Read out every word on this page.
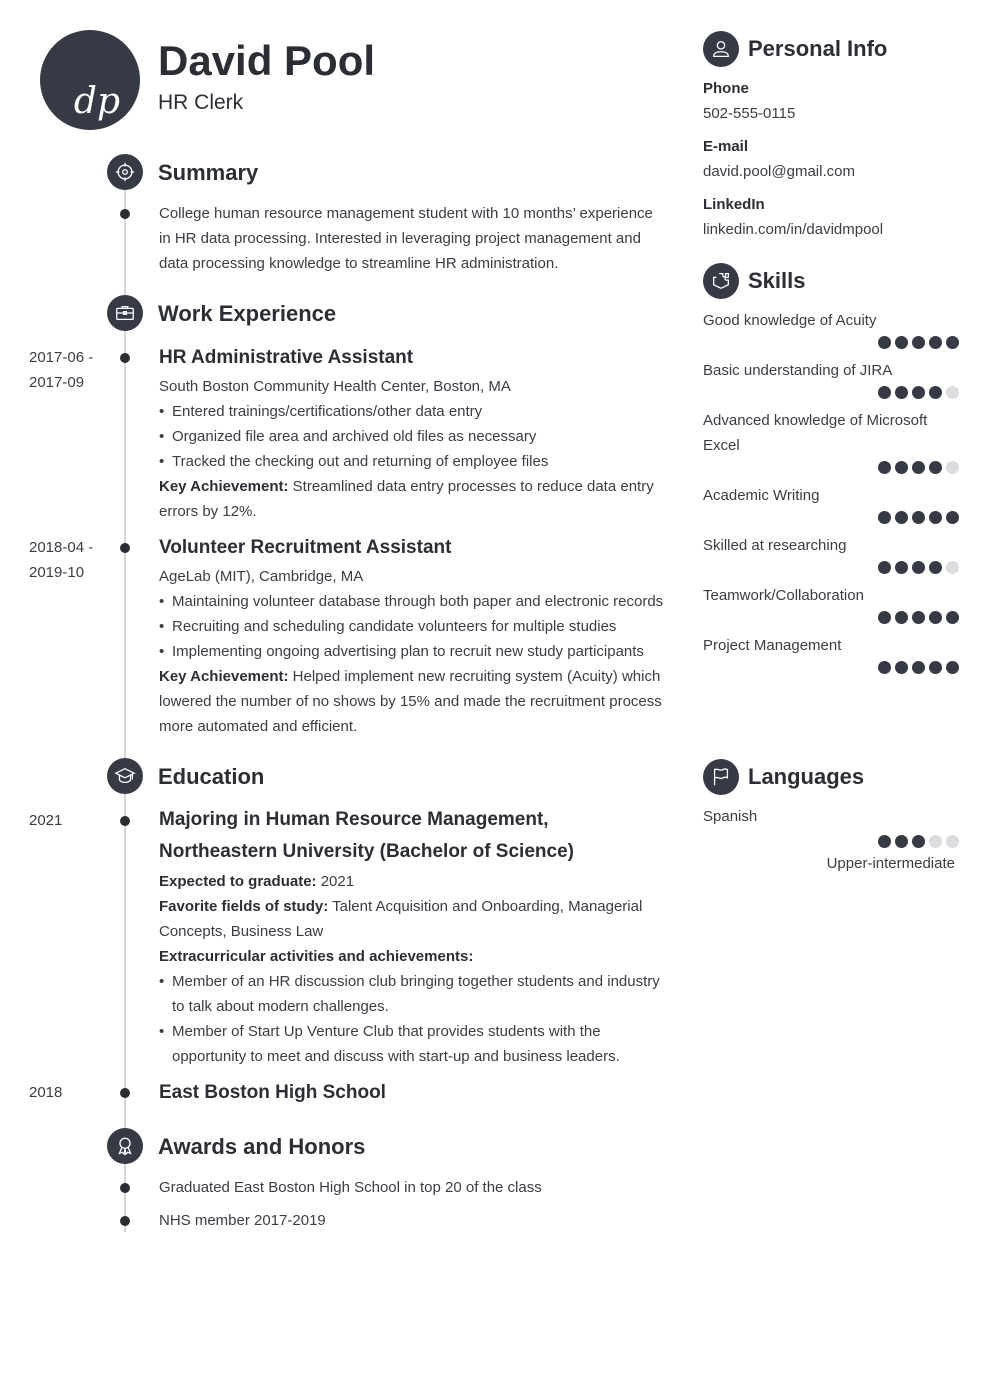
dp
David Pool
HR Clerk
Summary
College human resource management student with 10 months’ experience in HR data processing. Interested in leveraging project management and data processing knowledge to streamline HR administration.
Work Experience
2017-06 -
2017-09
HR Administrative Assistant
South Boston Community Health Center, Boston, MA
• Entered trainings/certifications/other data entry
• Organized file area and archived old files as necessary
• Tracked the checking out and returning of employee files
Key Achievement: Streamlined data entry processes to reduce data entry errors by 12%.
2018-04 -
2019-10
Volunteer Recruitment Assistant
AgeLab (MIT), Cambridge, MA
• Maintaining volunteer database through both paper and electronic records
• Recruiting and scheduling candidate volunteers for multiple studies
• Implementing ongoing advertising plan to recruit new study participants
Key Achievement: Helped implement new recruiting system (Acuity) which lowered the number of no shows by 15% and made the recruitment process more automated and efficient.
Education
2021	Majoring in Human Resource Management, Northeastern University (Bachelor of Science)
Expected to graduate: 2021
Favorite fields of study: Talent Acquisition and Onboarding, Managerial Concepts, Business Law
Extracurricular activities and achievements:
• Member of an HR discussion club bringing together students and industry to talk about modern challenges.
• Member of Start Up Venture Club that provides students with the opportunity to meet and discuss with start-up and business leaders.
2018	East Boston High School
Awards and Honors
Graduated East Boston High School in top 20 of the class
NHS member 2017-2019
Personal Info
Phone
502-555-0115
E-mail
david.pool@gmail.com
LinkedIn
linkedin.com/in/davidmpool
Skills
Good knowledge of Acuity
Basic understanding of JIRA
Advanced knowledge of Microsoft Excel
Academic Writing
Skilled at researching
Teamwork/Collaboration
Project Management
Languages
Spanish
Upper-intermediate
